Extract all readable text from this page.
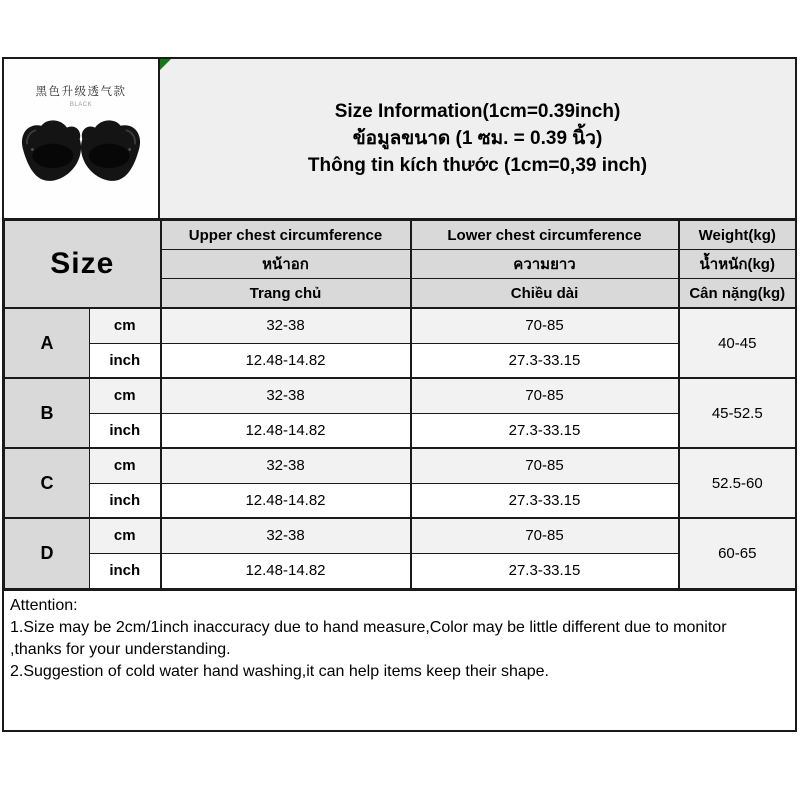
黑色升级透气款
BLACK	Size Information(1cm=0.39inch)
ข้อมูลขนาด (1 ซม. = 0.39 นิ้ว)
Thông tin kích thước (1cm=0,39 inch)
Size		Upper chest circumference	Lower chest circumference	Weight(kg)
		หน้าอก	ความยาว	น้ำหนัก(kg)
		Trang chủ	Chiều dài	Cân nặng(kg)
A	cm	32-38	70-85	40-45
	inch	12.48-14.82	27.3-33.15	
B	cm	32-38	70-85	45-52.5
	inch	12.48-14.82	27.3-33.15	
C	cm	32-38	70-85	52.5-60
	inch	12.48-14.82	27.3-33.15	
D	cm	32-38	70-85	60-65
	inch	12.48-14.82	27.3-33.15	
Attention:
1.Size may be 2cm/1inch inaccuracy due to hand measure,Color may be little different due to monitor
,thanks for your understanding.
2.Suggestion of cold water hand washing,it can help items keep their shape.
